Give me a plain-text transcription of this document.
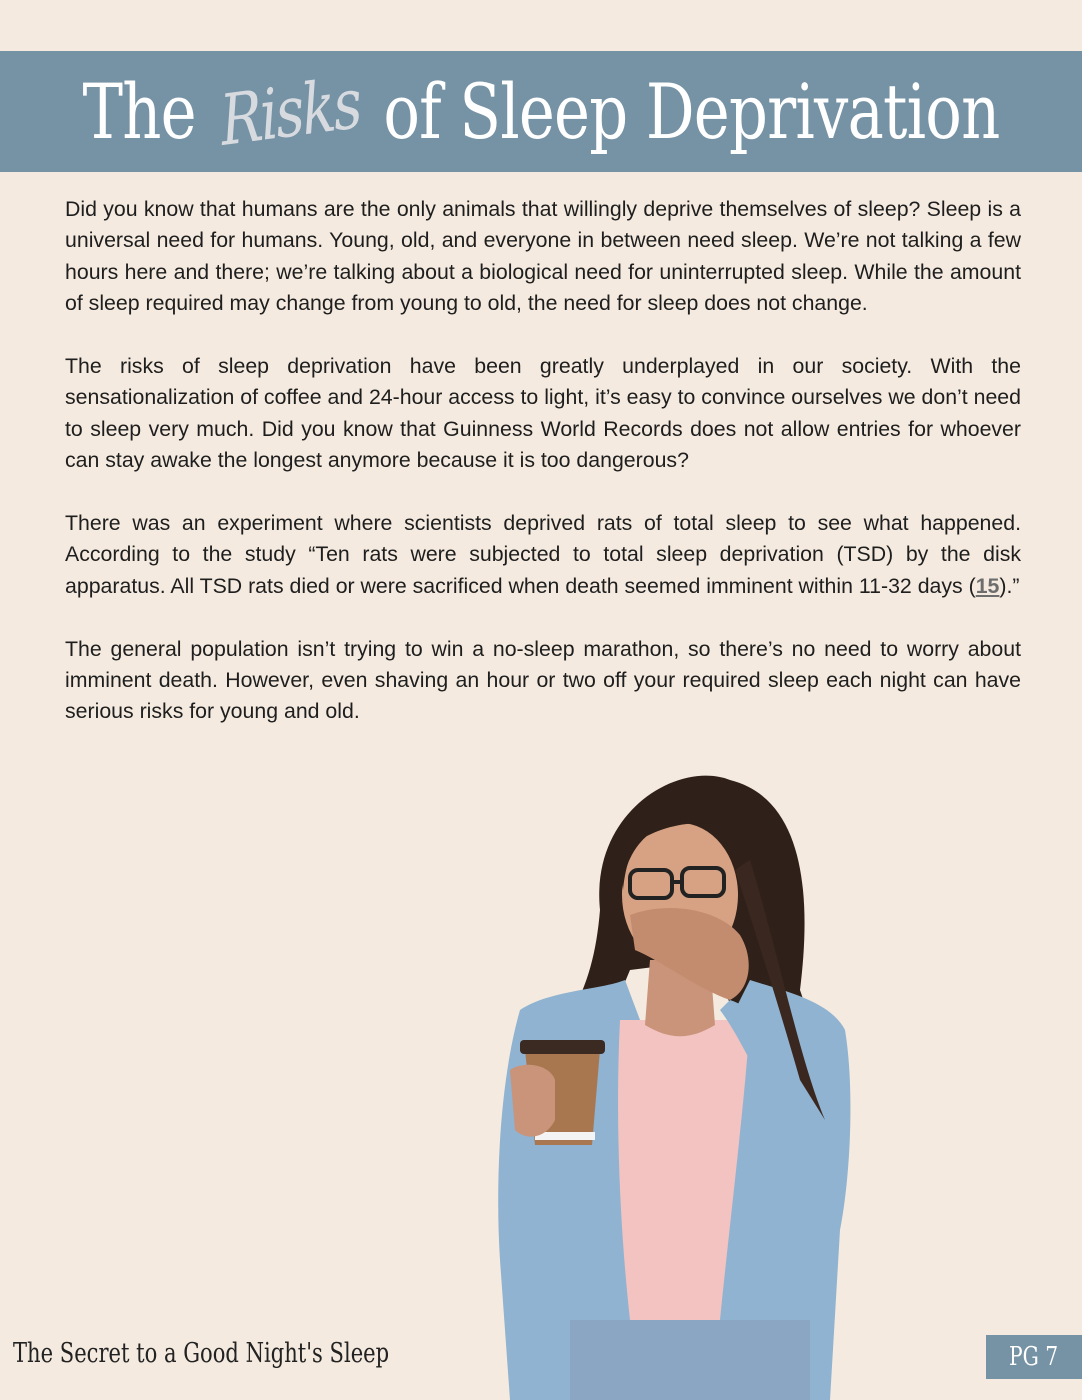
The Risks of Sleep Deprivation

Did you know that humans are the only animals that willingly deprive themselves of sleep? Sleep is a universal need for humans. Young, old, and everyone in between need sleep. We’re not talking a few hours here and there; we’re talking about a biological need for uninterrupted sleep. While the amount of sleep required may change from young to old, the need for sleep does not change.

The risks of sleep deprivation have been greatly underplayed in our society. With the sensationalization of coffee and 24-hour access to light, it’s easy to convince ourselves we don’t need to sleep very much. Did you know that Guinness World Records does not allow entries for whoever can stay awake the longest anymore because it is too dangerous?

There was an experiment where scientists deprived rats of total sleep to see what happened. According to the study “Ten rats were subjected to total sleep deprivation (TSD) by the disk apparatus. All TSD rats died or were sacrificed when death seemed imminent within 11-32 days (15).”

The general population isn’t trying to win a no-sleep marathon, so there’s no need to worry about imminent death. However, even shaving an hour or two off your required sleep each night can have serious risks for young and old.

The Secret to a Good Night's Sleep	PG 7
